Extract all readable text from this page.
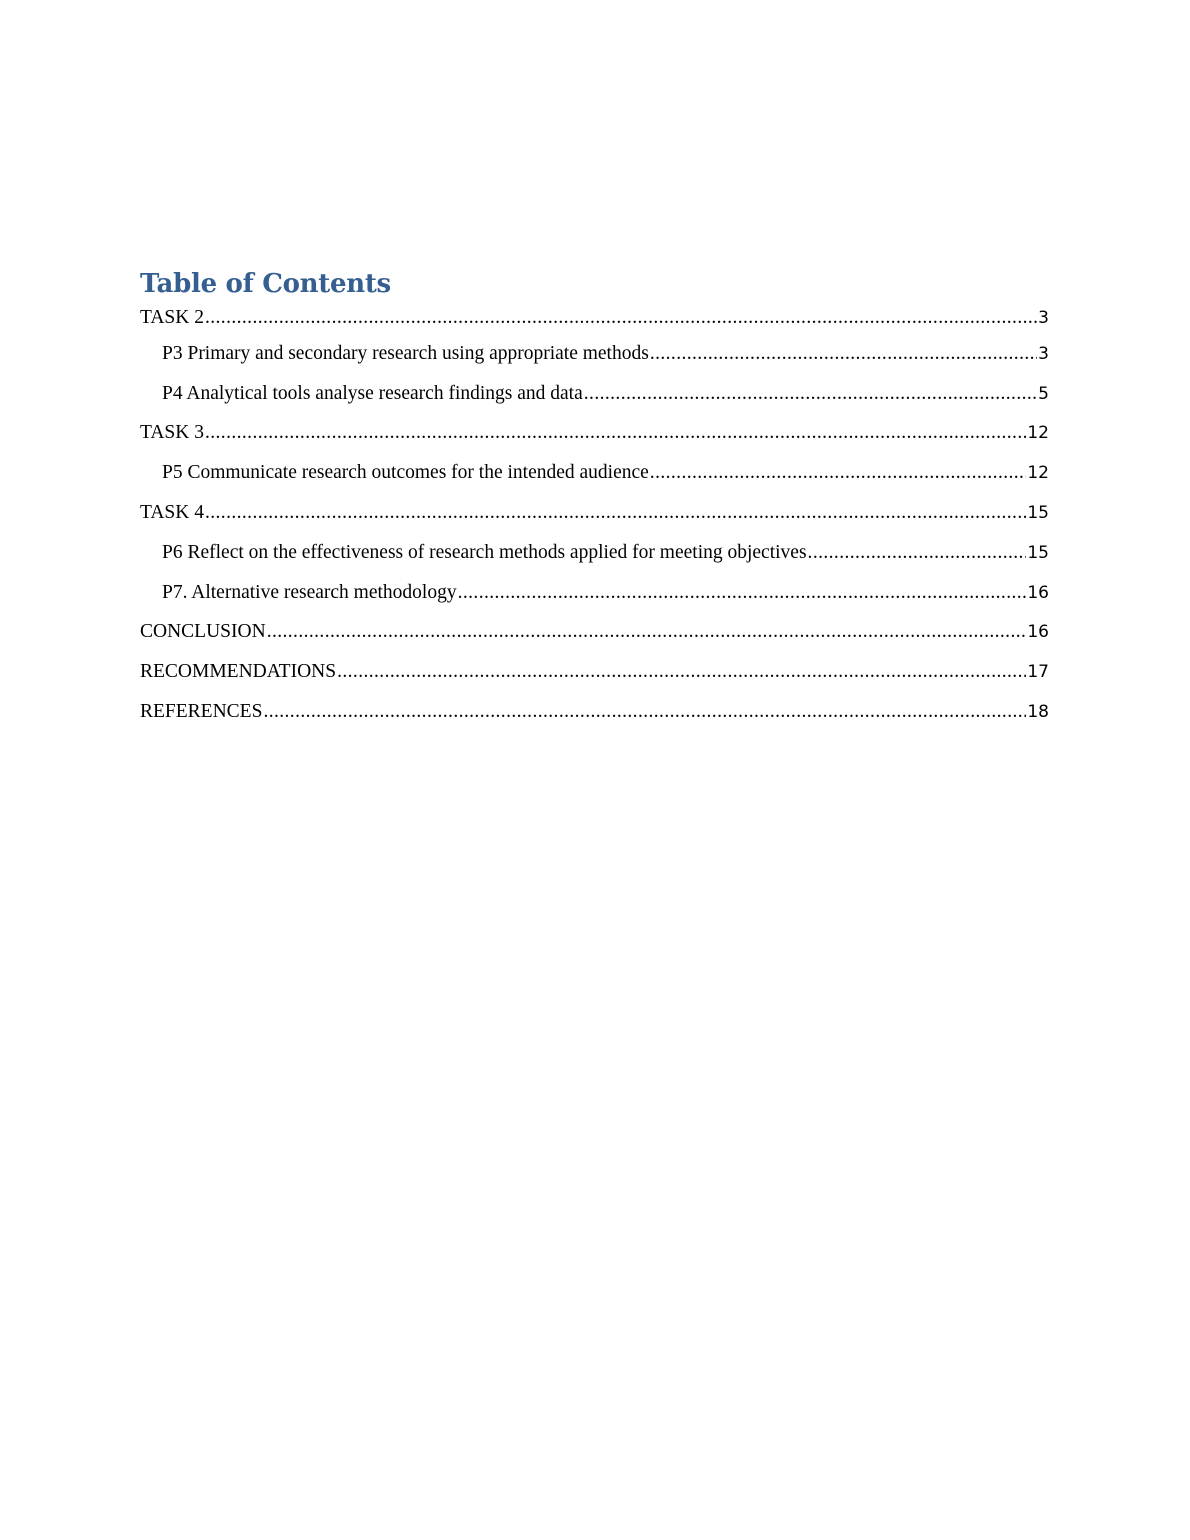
Table of Contents
TASK 2 .....	3
P3 Primary and secondary research using appropriate methods .....	3
P4 Analytical tools analyse research findings and data .....	5
TASK 3 .....	12
P5 Communicate research outcomes for the intended audience .....	12
TASK 4 .....	15
P6 Reflect on the effectiveness of research methods applied for meeting objectives .....	15
P7. Alternative research methodology .....	16
CONCLUSION .....	16
RECOMMENDATIONS .....	17
REFERENCES .....	18
